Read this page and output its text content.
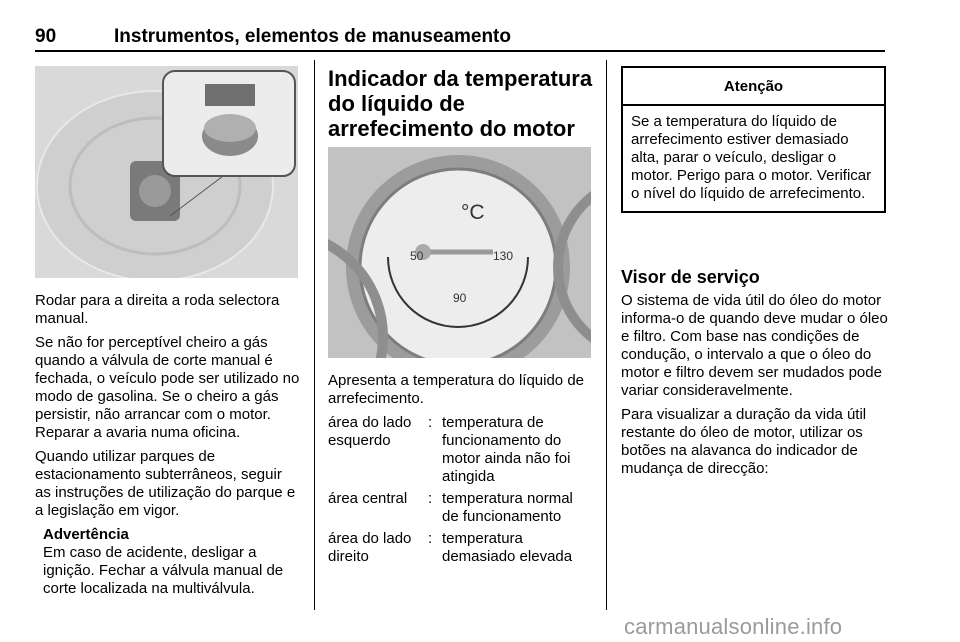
90	Instrumentos, elementos de manuseamento

Rodar para a direita a roda selectora manual.

Se não for perceptível cheiro a gás quando a válvula de corte manual é fechada, o veículo pode ser utilizado no modo de gasolina. Se o cheiro a gás persistir, não arrancar com o motor. Reparar a avaria numa oficina.

Quando utilizar parques de estacionamento subterrâneos, seguir as instruções de utilização do parque e a legislação em vigor.

Advertência
Em caso de acidente, desligar a ignição. Fechar a válvula manual de corte localizada na multiválvula.
Indicador da temperatura do líquido de arrefecimento do motor
°C
50
90
130

Apresenta a temperatura do líquido de arrefecimento.

área do lado esquerdo
: temperatura de funcionamento do motor ainda não foi atingida
área central	: temperatura normal de funcionamento
área do lado direito
: temperatura demasiado elevada
Atenção
Se a temperatura do líquido de arrefecimento estiver demasiado alta, parar o veículo, desligar o motor. Perigo para o motor. Verificar o nível do líquido de arrefecimento.
Visor de serviço

O sistema de vida útil do óleo do motor informa-o de quando deve mudar o óleo e filtro. Com base nas condições de condução, o intervalo a que o óleo do motor e filtro devem ser mudados pode variar consideravelmente.

Para visualizar a duração da vida útil restante do óleo de motor, utilizar os botões na alavanca do indicador de mudança de direcção:

carmanualsonline.info
